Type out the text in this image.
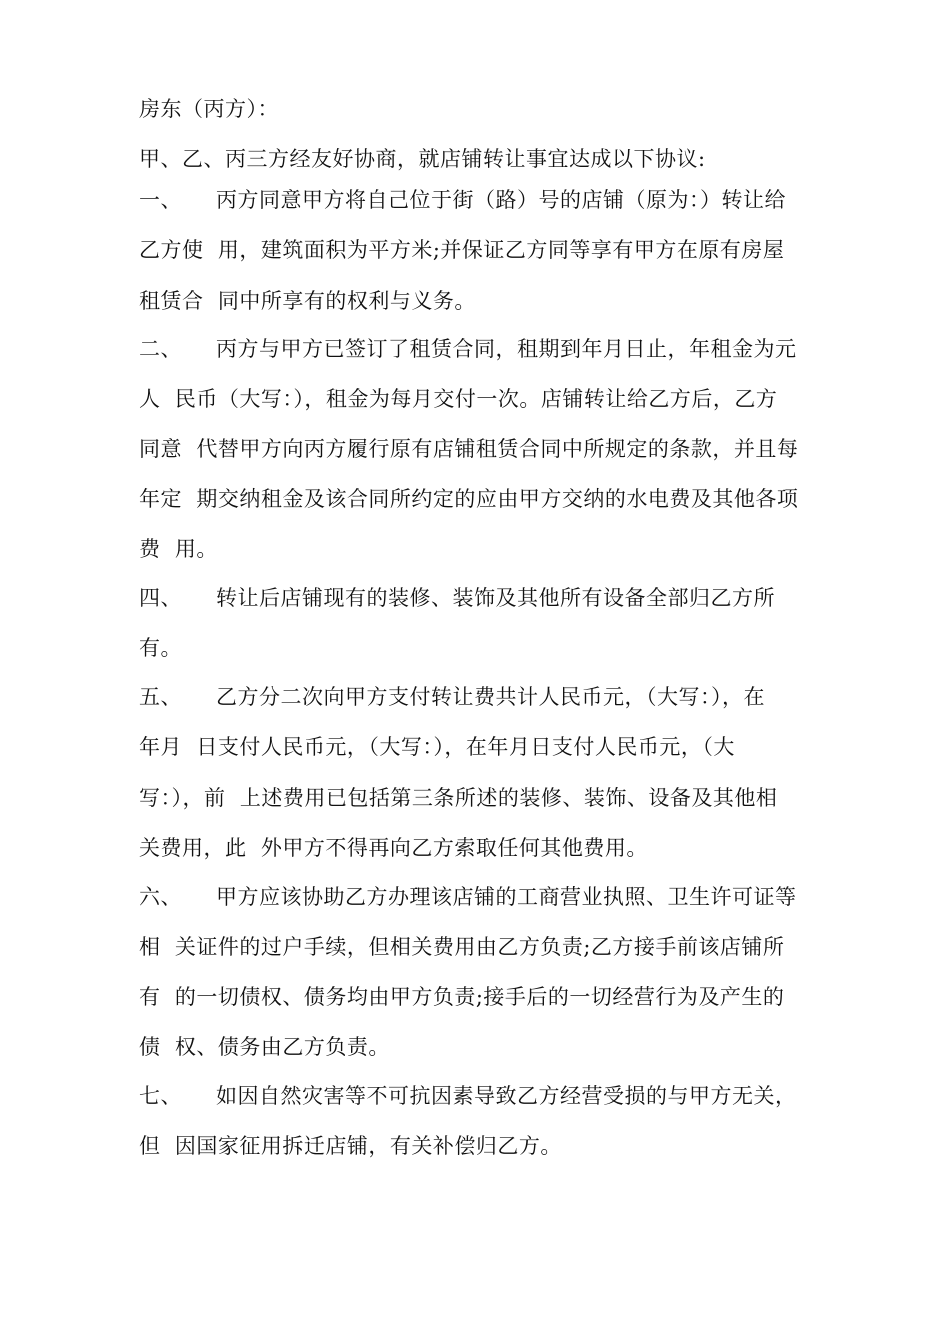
房东（丙方）：
甲、乙、丙三方经友好协商，就店铺转让事宜达成以下协议:
一、 丙方同意甲方将自己位于街（路）号的店铺（原为：）转让给
乙方使  用，建筑面积为平方米;并保证乙方同等享有甲方在原有房屋
租赁合  同中所享有的权利与义务。
二、 丙方与甲方已签订了租赁合同，租期到年月日止，年租金为元
人  民币（大写：），租金为每月交付一次。店铺转让给乙方后，乙方
同意  代替甲方向丙方履行原有店铺租赁合同中所规定的条款，并且每
年定  期交纳租金及该合同所约定的应由甲方交纳的水电费及其他各项
费  用。
四、 转让后店铺现有的装修、装饰及其他所有设备全部归乙方所
有。
五、 乙方分二次向甲方支付转让费共计人民币元，（大写：），在
年月  日支付人民币元，（大写：），在年月日支付人民币元，（大
写：），前  上述费用已包括第三条所述的装修、装饰、设备及其他相
关费用，此  外甲方不得再向乙方索取任何其他费用。
六、 甲方应该协助乙方办理该店铺的工商营业执照、卫生许可证等
相  关证件的过户手续，但相关费用由乙方负责;乙方接手前该店铺所
有  的一切债权、债务均由甲方负责;接手后的一切经营行为及产生的
债  权、债务由乙方负责。
七、 如因自然灾害等不可抗因素导致乙方经营受损的与甲方无关，
但  因国家征用拆迁店铺，有关补偿归乙方。
